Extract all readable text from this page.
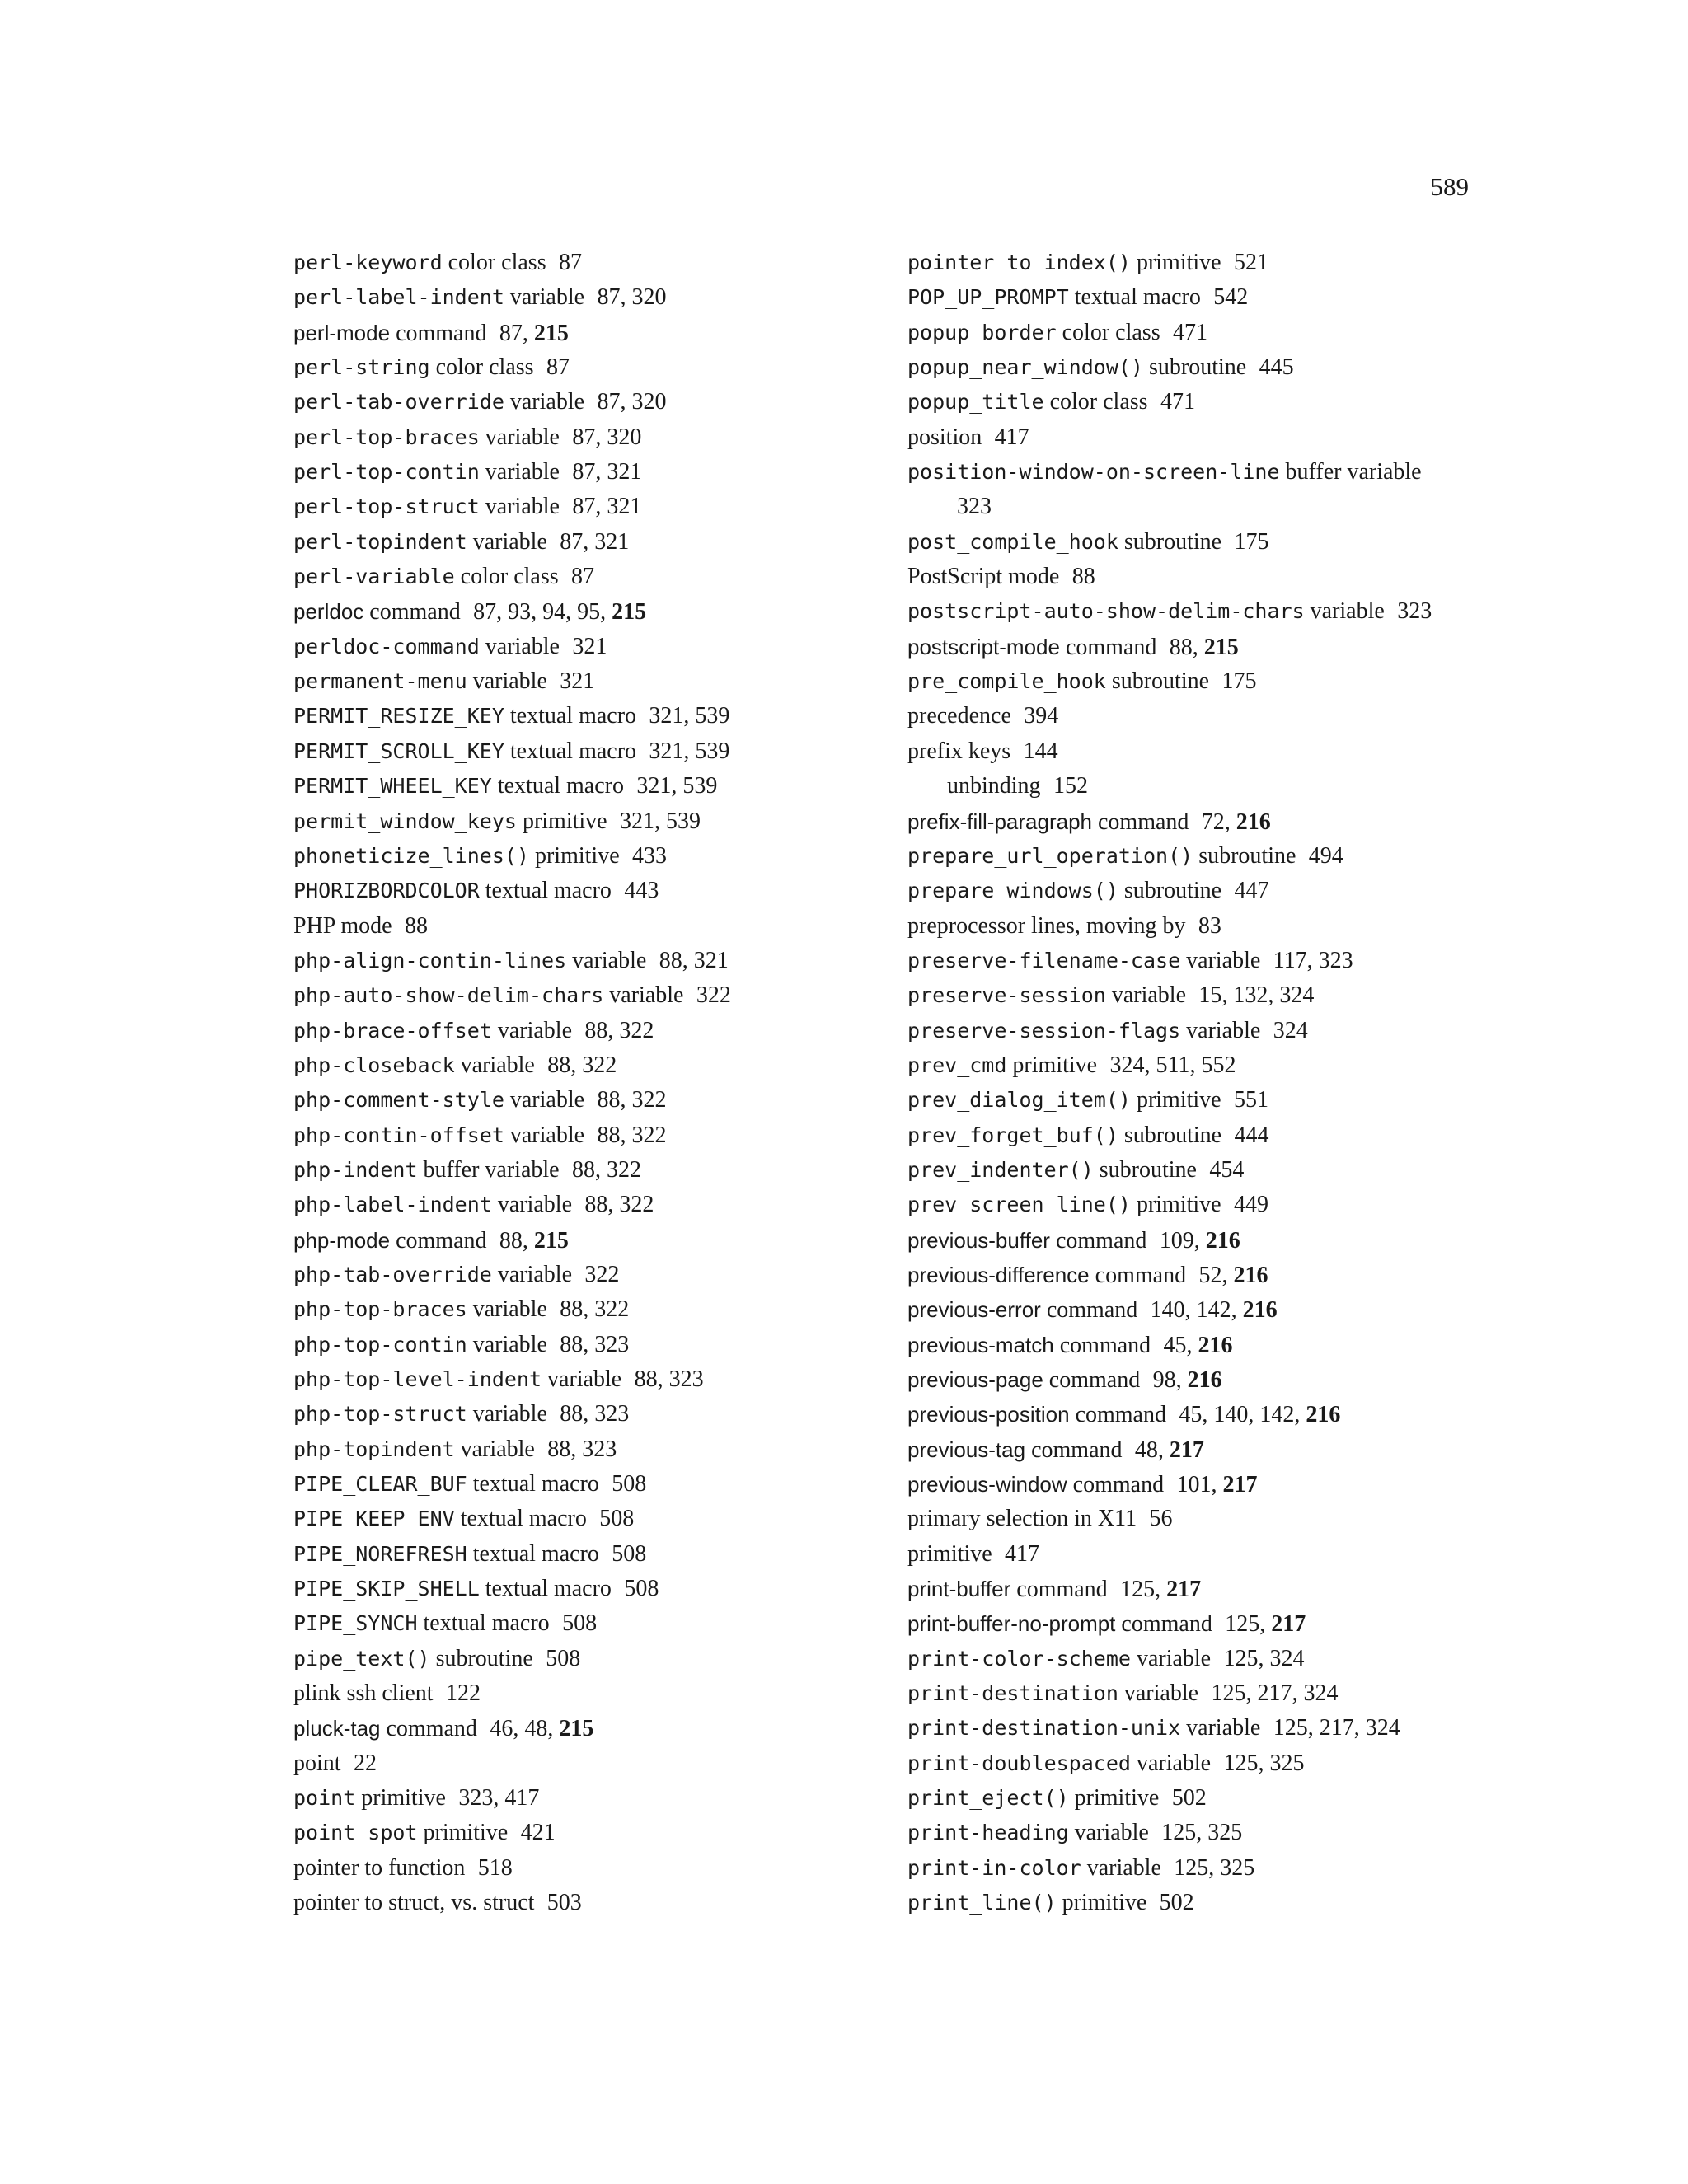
589
perl-keyword color class 87
perl-label-indent variable 87, 320
perl-mode command 87, 215
perl-string color class 87
perl-tab-override variable 87, 320
perl-top-braces variable 87, 320
perl-top-contin variable 87, 321
perl-top-struct variable 87, 321
perl-topindent variable 87, 321
perl-variable color class 87
perldoc command 87, 93, 94, 95, 215
perldoc-command variable 321
permanent-menu variable 321
PERMIT_RESIZE_KEY textual macro 321, 539
PERMIT_SCROLL_KEY textual macro 321, 539
PERMIT_WHEEL_KEY textual macro 321, 539
permit_window_keys primitive 321, 539
phoneticize_lines() primitive 433
PHORIZBORDCOLOR textual macro 443
PHP mode 88
php-align-contin-lines variable 88, 321
php-auto-show-delim-chars variable 322
php-brace-offset variable 88, 322
php-closeback variable 88, 322
php-comment-style variable 88, 322
php-contin-offset variable 88, 322
php-indent buffer variable 88, 322
php-label-indent variable 88, 322
php-mode command 88, 215
php-tab-override variable 322
php-top-braces variable 88, 322
php-top-contin variable 88, 323
php-top-level-indent variable 88, 323
php-top-struct variable 88, 323
php-topindent variable 88, 323
PIPE_CLEAR_BUF textual macro 508
PIPE_KEEP_ENV textual macro 508
PIPE_NOREFRESH textual macro 508
PIPE_SKIP_SHELL textual macro 508
PIPE_SYNCH textual macro 508
pipe_text() subroutine 508
plink ssh client 122
pluck-tag command 46, 48, 215
point 22
point primitive 323, 417
point_spot primitive 421
pointer to function 518
pointer to struct, vs. struct 503
pointer_to_index() primitive 521
POP_UP_PROMPT textual macro 542
popup_border color class 471
popup_near_window() subroutine 445
popup_title color class 471
position 417
position-window-on-screen-line buffer variable
323
post_compile_hook subroutine 175
PostScript mode 88
postscript-auto-show-delim-chars variable 323
postscript-mode command 88, 215
pre_compile_hook subroutine 175
precedence 394
prefix keys 144
unbinding 152
prefix-fill-paragraph command 72, 216
prepare_url_operation() subroutine 494
prepare_windows() subroutine 447
preprocessor lines, moving by 83
preserve-filename-case variable 117, 323
preserve-session variable 15, 132, 324
preserve-session-flags variable 324
prev_cmd primitive 324, 511, 552
prev_dialog_item() primitive 551
prev_forget_buf() subroutine 444
prev_indenter() subroutine 454
prev_screen_line() primitive 449
previous-buffer command 109, 216
previous-difference command 52, 216
previous-error command 140, 142, 216
previous-match command 45, 216
previous-page command 98, 216
previous-position command 45, 140, 142, 216
previous-tag command 48, 217
previous-window command 101, 217
primary selection in X11 56
primitive 417
print-buffer command 125, 217
print-buffer-no-prompt command 125, 217
print-color-scheme variable 125, 324
print-destination variable 125, 217, 324
print-destination-unix variable 125, 217, 324
print-doublespaced variable 125, 325
print_eject() primitive 502
print-heading variable 125, 325
print-in-color variable 125, 325
print_line() primitive 502
